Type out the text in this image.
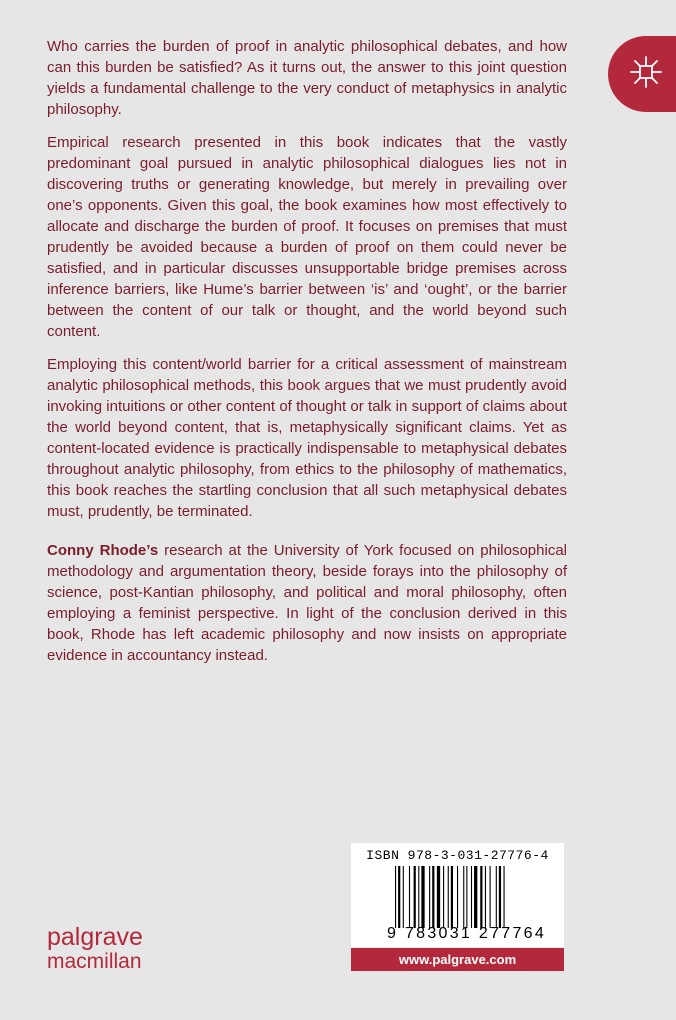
Who carries the burden of proof in analytic philosophical debates, and how can this burden be satisfied? As it turns out, the answer to this joint question yields a fundamental challenge to the very conduct of metaphysics in analytic philosophy.

Empirical research presented in this book indicates that the vastly predominant goal pursued in analytic philosophical dialogues lies not in discovering truths or generating knowledge, but merely in prevailing over one’s opponents. Given this goal, the book examines how most effectively to allocate and discharge the burden of proof. It focuses on premises that must prudently be avoided because a burden of proof on them could never be satisfied, and in particular discusses unsupportable bridge premises across inference barriers, like Hume’s barrier between ‘is’ and ‘ought’, or the barrier between the content of our talk or thought, and the world beyond such content.

Employing this content/world barrier for a critical assessment of mainstream analytic philosophical methods, this book argues that we must prudently avoid invoking intuitions or other content of thought or talk in support of claims about the world beyond content, that is, metaphysically significant claims. Yet as content-located evidence is practically indispensable to metaphysical debates throughout analytic philosophy, from ethics to the philosophy of mathematics, this book reaches the startling conclusion that all such metaphysical debates must, prudently, be terminated.

Conny Rhode’s research at the University of York focused on philosophical methodology and argumentation theory, beside forays into the philosophy of science, post-Kantian philosophy, and political and moral philosophy, often employing a feminist perspective. In light of the conclusion derived in this book, Rhode has left academic philosophy and now insists on appropriate evidence in accountancy instead.

ISBN 978-3-031-27776-4
9 783031 277764
www.palgrave.com
palgrave
macmillan
